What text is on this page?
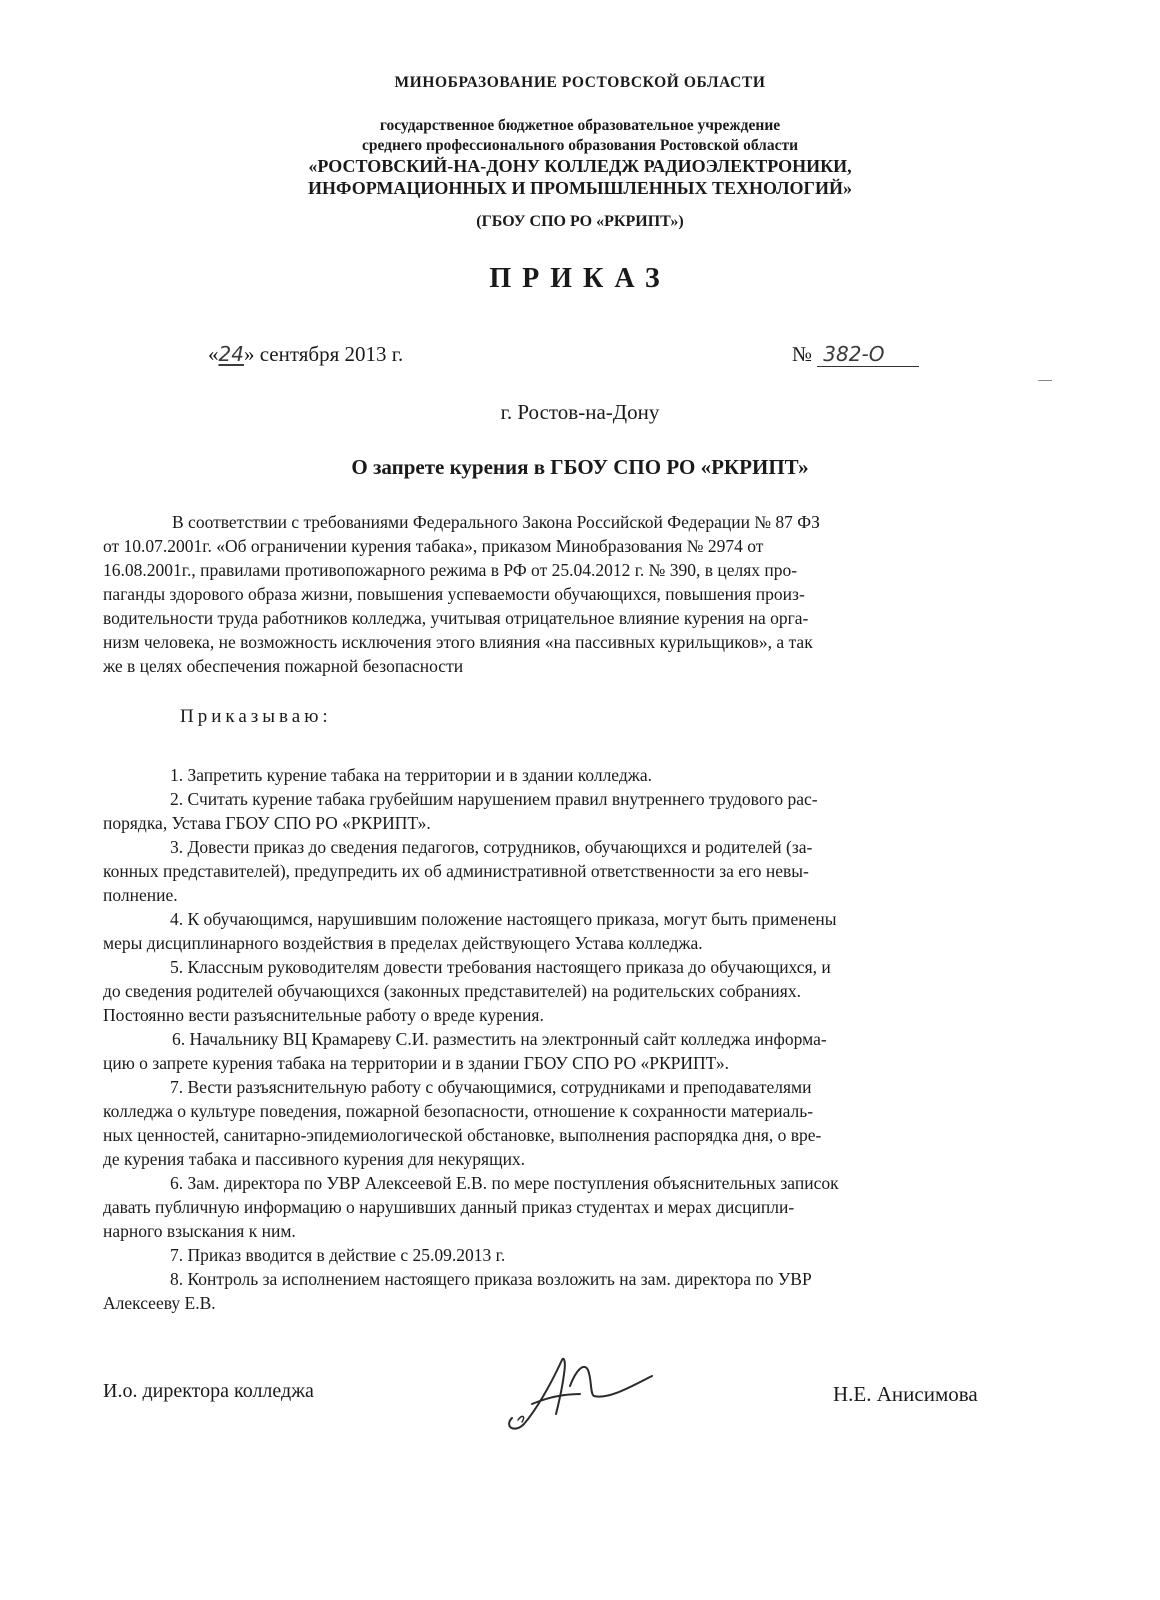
МИНОБРАЗОВАНИЕ РОСТОВСКОЙ ОБЛАСТИ
государственное бюджетное образовательное учреждение
среднего профессионального образования Ростовской области
«РОСТОВСКИЙ-НА-ДОНУ КОЛЛЕДЖ РАДИОЭЛЕКТРОНИКИ,
ИНФОРМАЦИОННЫХ И ПРОМЫШЛЕННЫХ ТЕХНОЛОГИЙ»
(ГБОУ СПО РО «РКРИПТ»)
ПРИКАЗ
«24» сентября 2013 г.	№ 382-О
г. Ростов-на-Дону
О запрете курения в ГБОУ СПО РО «РКРИПТ»
В соответствии с требованиями Федерального Закона Российской Федерации № 87 ФЗ
от 10.07.2001г. «Об ограничении курения табака», приказом Минобразования № 2974 от
16.08.2001г., правилами противопожарного режима в РФ от 25.04.2012 г. № 390, в целях про-
паганды здорового образа жизни, повышения успеваемости обучающихся, повышения произ-
водительности труда работников колледжа, учитывая отрицательное влияние курения на орга-
низм человека, не возможность исключения этого влияния «на пассивных курильщиков», а так
же в целях обеспечения пожарной безопасности
Приказываю:
1. Запретить курение табака на территории и в здании колледжа.
2. Считать курение табака грубейшим нарушением правил внутреннего трудового рас-
порядка, Устава ГБОУ СПО РО «РКРИПТ».
3. Довести приказ до сведения педагогов, сотрудников, обучающихся и родителей (за-
конных представителей), предупредить их об административной ответственности за его невы-
полнение.
4. К обучающимся, нарушившим положение настоящего приказа, могут быть применены
меры дисциплинарного воздействия в пределах действующего Устава колледжа.
5. Классным руководителям довести требования настоящего приказа до обучающихся, и
до сведения родителей обучающихся (законных представителей) на родительских собраниях.
Постоянно вести разъяснительные работу о вреде курения.
6. Начальнику ВЦ Крамареву С.И. разместить на электронный сайт колледжа информа-
цию о запрете курения табака на территории и в здании ГБОУ СПО РО «РКРИПТ».
7. Вести разъяснительную работу с обучающимися, сотрудниками и преподавателями
колледжа о культуре поведения, пожарной безопасности, отношение к сохранности материаль-
ных ценностей, санитарно-эпидемиологической обстановке, выполнения распорядка дня, о вре-
де курения табака и пассивного курения для некурящих.
6. Зам. директора по УВР Алексеевой Е.В. по мере поступления объяснительных записок
давать публичную информацию о нарушивших данный приказ студентах и мерах дисципли-
нарного взыскания к ним.
7. Приказ вводится в действие с 25.09.2013 г.
8. Контроль за исполнением настоящего приказа возложить на зам. директора по УВР
Алексееву Е.В.
И.о. директора колледжа	Н.Е. Анисимова
